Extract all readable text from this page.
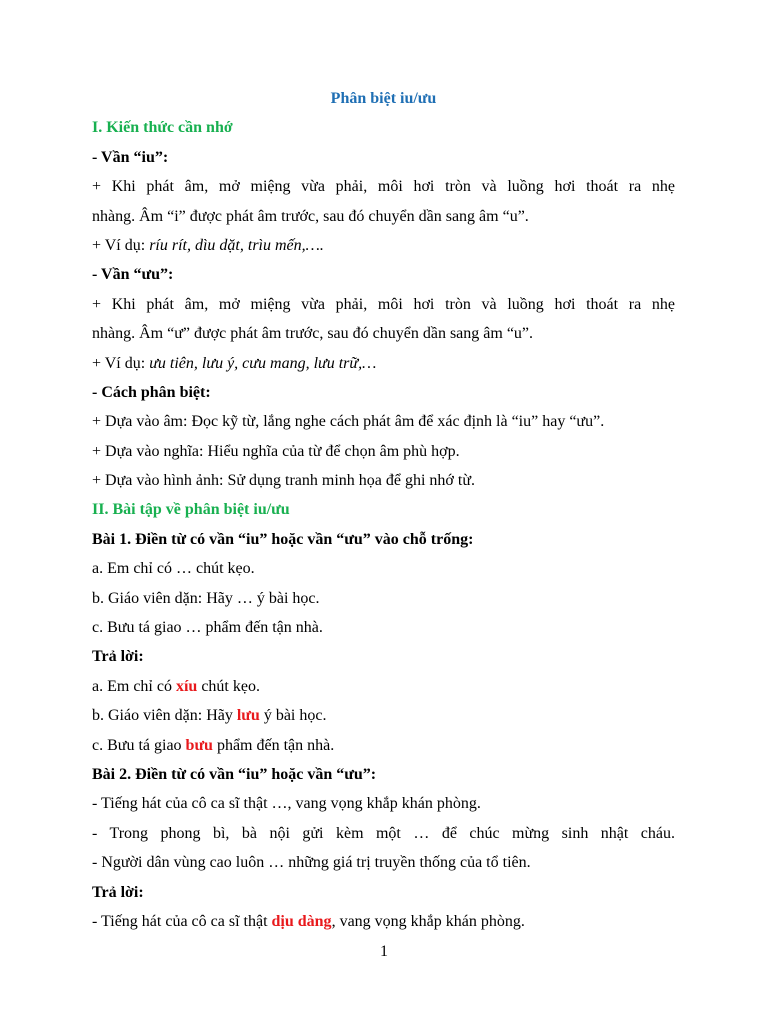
Phân biệt iu/ưu
I. Kiến thức cần nhớ
- Vần “iu”:
+ Khi phát âm, mở miệng vừa phải, môi hơi tròn và luồng hơi thoát ra nhẹ
nhàng. Âm “i” được phát âm trước, sau đó chuyển dần sang âm “u”.
+ Ví dụ: ríu rít, dìu dặt, trìu mến,….
- Vần “ưu”:
+ Khi phát âm, mở miệng vừa phải, môi hơi tròn và luồng hơi thoát ra nhẹ
nhàng. Âm “ư” được phát âm trước, sau đó chuyển dần sang âm “u”.
+ Ví dụ: ưu tiên, lưu ý, cưu mang, lưu trữ,…
- Cách phân biệt:
+ Dựa vào âm: Đọc kỹ từ, lắng nghe cách phát âm để xác định là “iu” hay “ưu”.
+ Dựa vào nghĩa: Hiểu nghĩa của từ để chọn âm phù hợp.
+ Dựa vào hình ảnh: Sử dụng tranh minh họa để ghi nhớ từ.
II. Bài tập về phân biệt iu/ưu
Bài 1. Điền từ có vần “iu” hoặc vần “ưu” vào chỗ trống:
a. Em chỉ có … chút kẹo.
b. Giáo viên dặn: Hãy … ý bài học.
c. Bưu tá giao … phẩm đến tận nhà.
Trả lời:
a. Em chỉ có xíu chút kẹo.
b. Giáo viên dặn: Hãy lưu ý bài học.
c. Bưu tá giao bưu phẩm đến tận nhà.
Bài 2. Điền từ có vần “iu” hoặc vần “ưu”:
- Tiếng hát của cô ca sĩ thật …, vang vọng khắp khán phòng.
- Trong phong bì, bà nội gửi kèm một … để chúc mừng sinh nhật cháu.
- Người dân vùng cao luôn … những giá trị truyền thống của tổ tiên.
Trả lời:
- Tiếng hát của cô ca sĩ thật dịu dàng, vang vọng khắp khán phòng.
1
